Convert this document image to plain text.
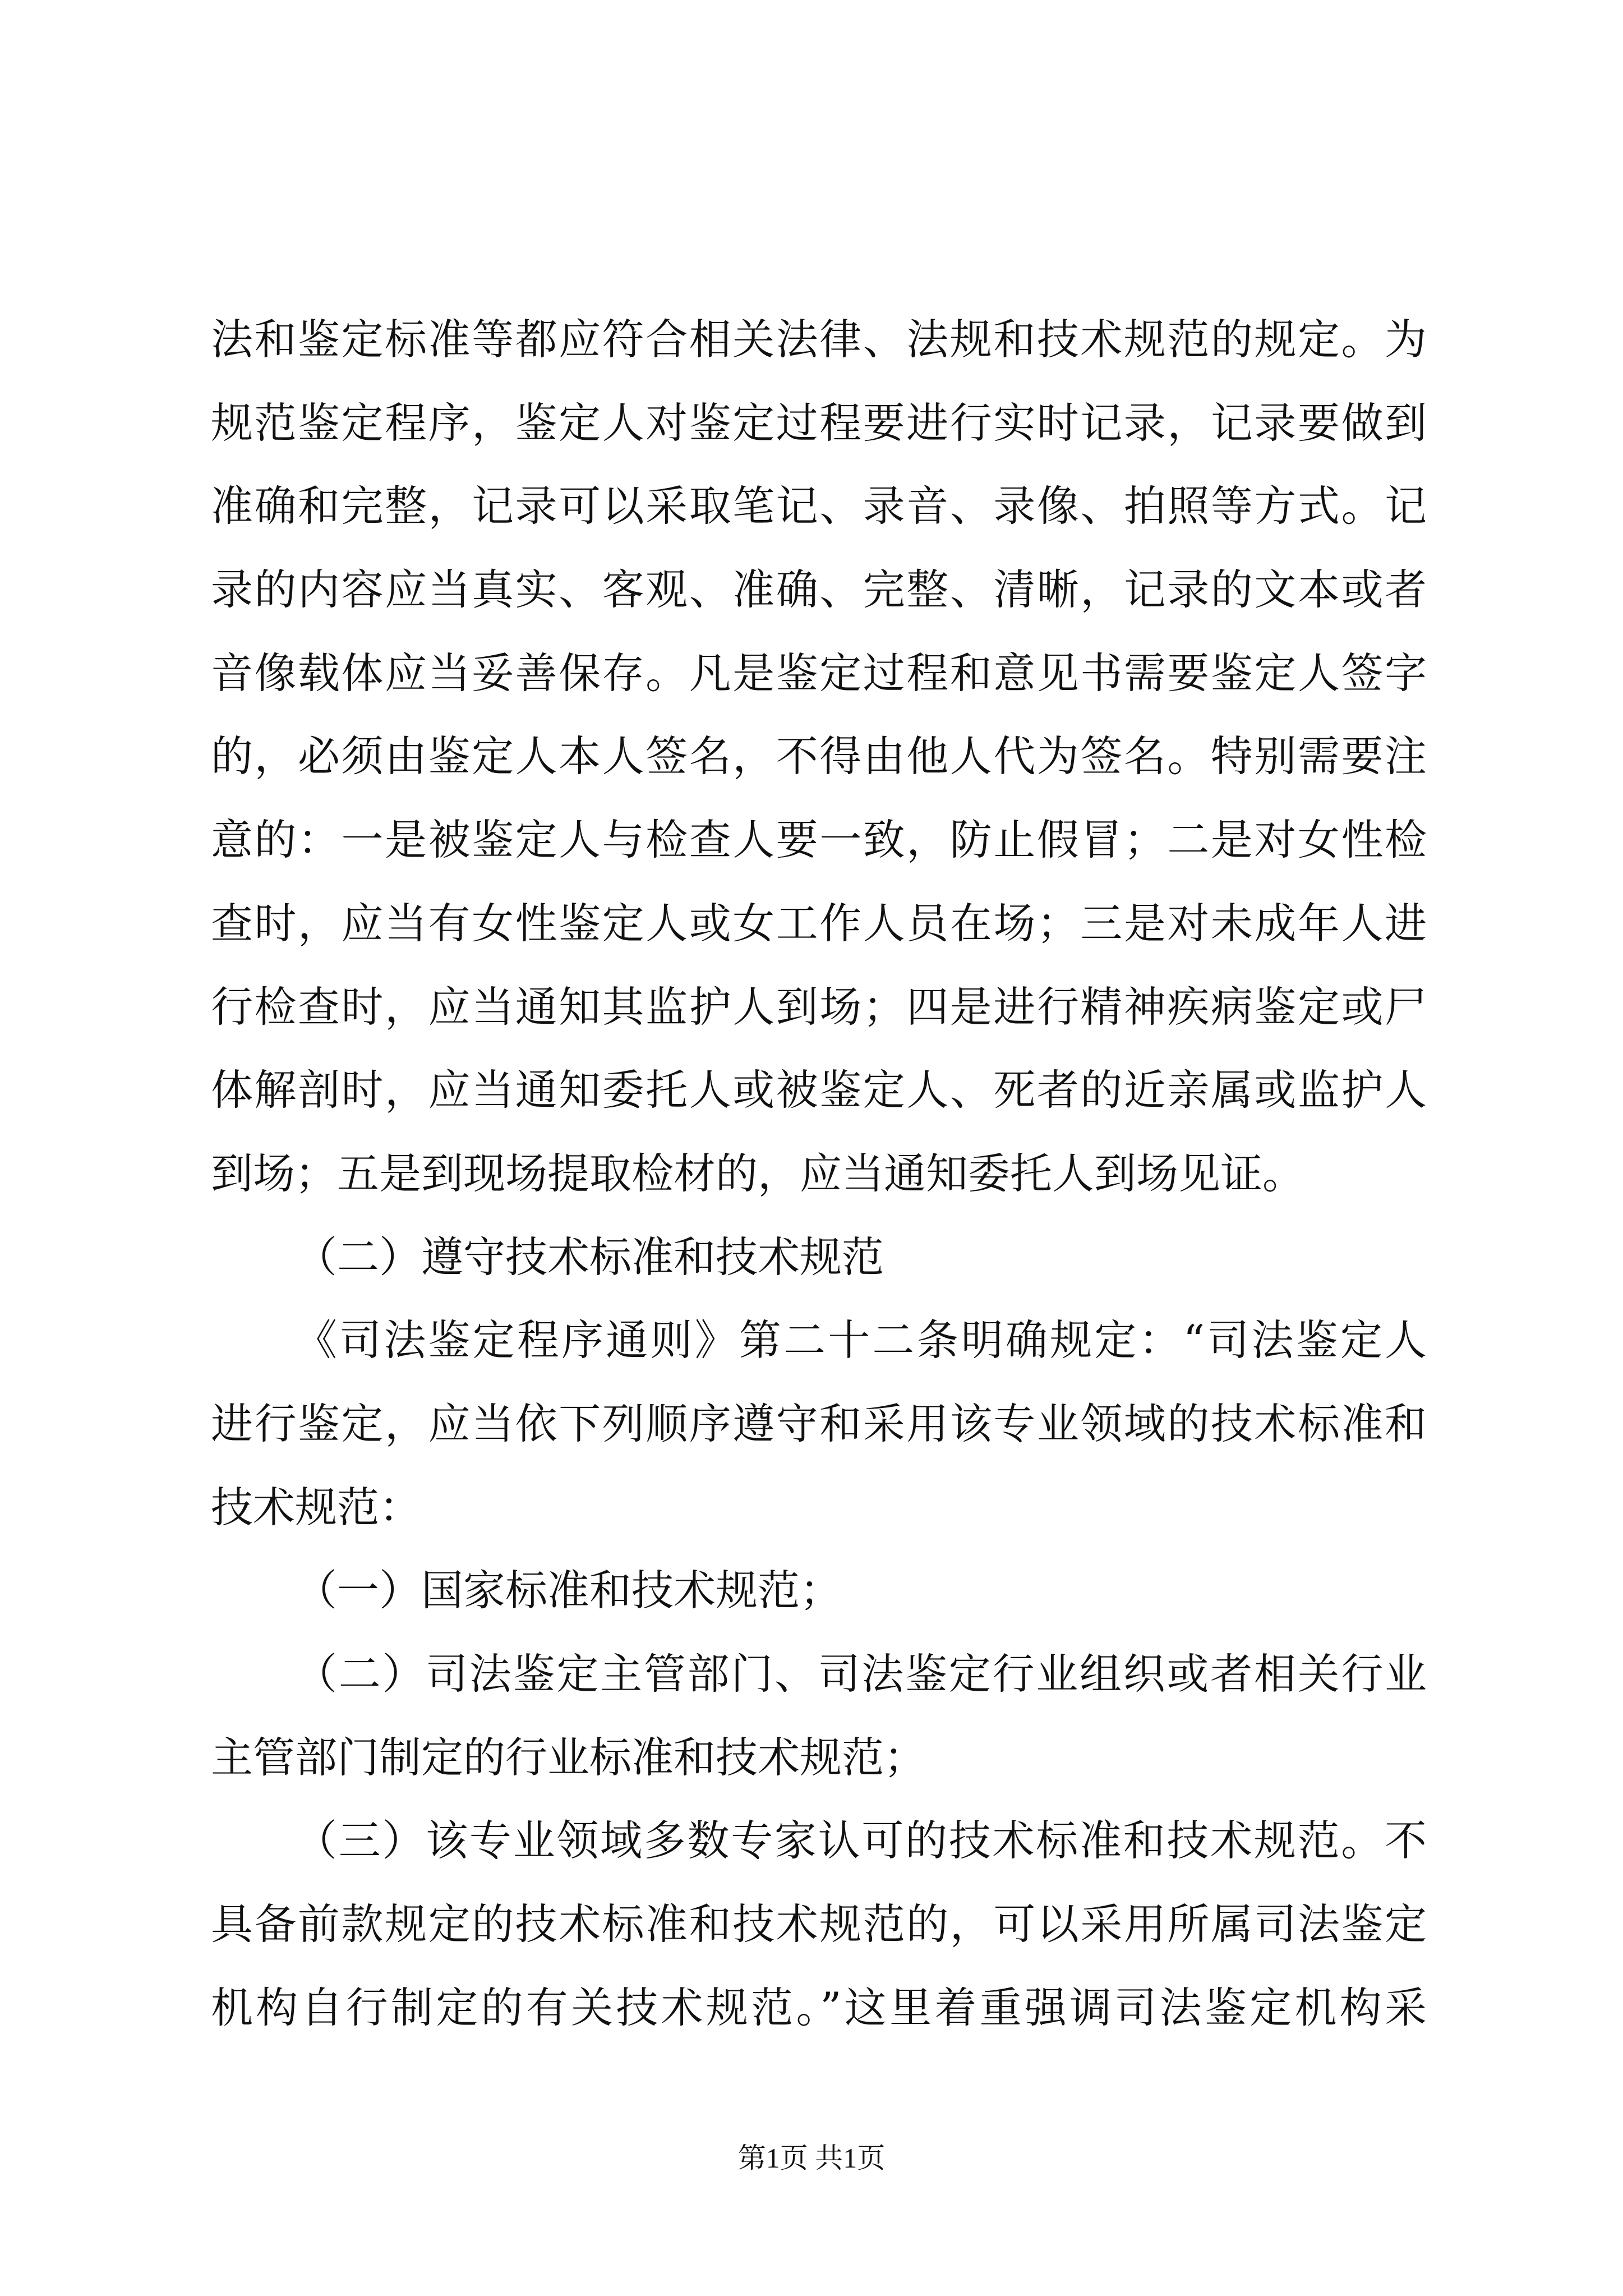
法和鉴定标准等都应符合相关法律、法规和技术规范的规定。为
规范鉴定程序，鉴定人对鉴定过程要进行实时记录，记录要做到
准确和完整，记录可以采取笔记、录音、录像、拍照等方式。记
录的内容应当真实、客观、准确、完整、清晰，记录的文本或者
音像载体应当妥善保存。凡是鉴定过程和意见书需要鉴定人签字
的，必须由鉴定人本人签名，不得由他人代为签名。特别需要注
意的：一是被鉴定人与检查人要一致，防止假冒；二是对女性检
查时，应当有女性鉴定人或女工作人员在场；三是对未成年人进
行检查时，应当通知其监护人到场；四是进行精神疾病鉴定或尸
体解剖时，应当通知委托人或被鉴定人、死者的近亲属或监护人
到场；五是到现场提取检材的，应当通知委托人到场见证。
（二）遵守技术标准和技术规范
《司法鉴定程序通则》第二十二条明确规定：“司法鉴定人
进行鉴定，应当依下列顺序遵守和采用该专业领域的技术标准和
技术规范：
（一）国家标准和技术规范；
（二）司法鉴定主管部门、司法鉴定行业组织或者相关行业
主管部门制定的行业标准和技术规范；
（三）该专业领域多数专家认可的技术标准和技术规范。不
具备前款规定的技术标准和技术规范的，可以采用所属司法鉴定
机构自行制定的有关技术规范。”这里着重强调司法鉴定机构采
第1页 共1页
